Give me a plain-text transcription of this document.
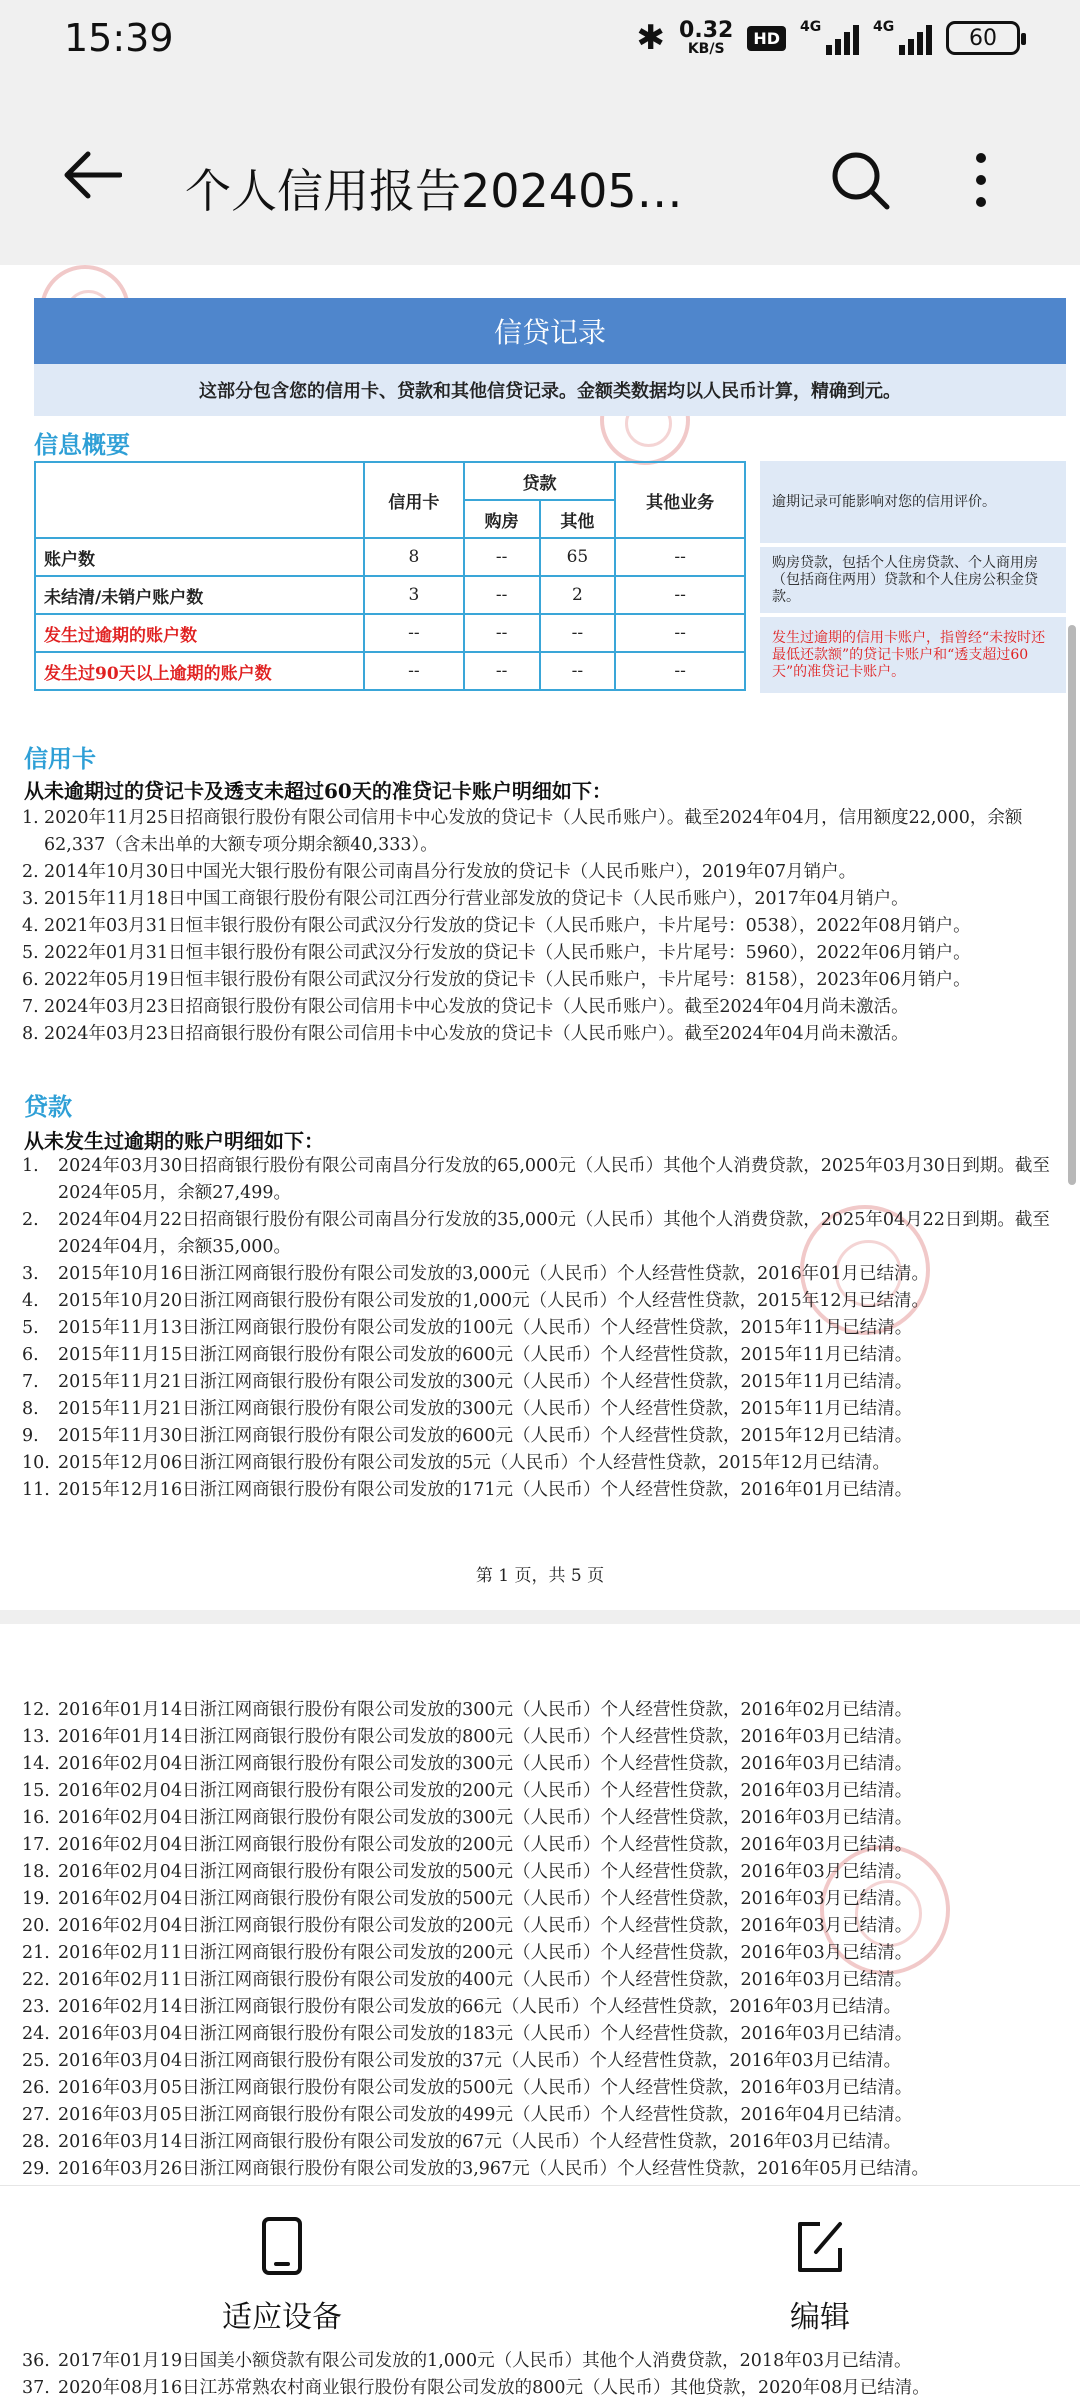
15:39	✱ 0.32
KB/S
HD
4G	4G	60
个人信用报告202405…
信贷记录
这部分包含您的信用卡、贷款和其他信贷记录。金额类数据均以人民币计算，精确到元。
信息概要
	信用卡	贷款		其他业务
		购房	其他	
账户数	8	--	65	--
未结清/未销户账户数	3	--	2	--
发生过逾期的账户数	--	--	--	--
发生过90天以上逾期的账户数	--	--	--	--
逾期记录可能影响对您的信用评价。
购房贷款，包括个人住房贷款、个人商用房（包括商住两用）贷款和个人住房公积金贷款。
发生过逾期的信用卡账户，指曾经“未按时还最低还款额”的贷记卡账户和“透支超过60天”的准贷记卡账户。
信用卡
从未逾期过的贷记卡及透支未超过60天的准贷记卡账户明细如下：
1. 2020年11月25日招商银行股份有限公司信用卡中心发放的贷记卡（人民币账户）。截至2024年04月，信用额度22,000，余额62,337（含未出单的大额专项分期余额40,333）。
2. 2014年10月30日中国光大银行股份有限公司南昌分行发放的贷记卡（人民币账户），2019年07月销户。
3. 2015年11月18日中国工商银行股份有限公司江西分行营业部发放的贷记卡（人民币账户），2017年04月销户。
4. 2021年03月31日恒丰银行股份有限公司武汉分行发放的贷记卡（人民币账户，卡片尾号：0538），2022年08月销户。
5. 2022年01月31日恒丰银行股份有限公司武汉分行发放的贷记卡（人民币账户，卡片尾号：5960），2022年06月销户。
6. 2022年05月19日恒丰银行股份有限公司武汉分行发放的贷记卡（人民币账户，卡片尾号：8158），2023年06月销户。
7. 2024年03月23日招商银行股份有限公司信用卡中心发放的贷记卡（人民币账户）。截至2024年04月尚未激活。
8. 2024年03月23日招商银行股份有限公司信用卡中心发放的贷记卡（人民币账户）。截至2024年04月尚未激活。
贷款
从未发生过逾期的账户明细如下：
1.	2024年03月30日招商银行股份有限公司南昌分行发放的65,000元（人民币）其他个人消费贷款，2025年03月30日到期。截至2024年05月，余额27,499。
2.	2024年04月22日招商银行股份有限公司南昌分行发放的35,000元（人民币）其他个人消费贷款，2025年04月22日到期。截至2024年04月，余额35,000。
3.	2015年10月16日浙江网商银行股份有限公司发放的3,000元（人民币）个人经营性贷款，2016年01月已结清。
4.	2015年10月20日浙江网商银行股份有限公司发放的1,000元（人民币）个人经营性贷款，2015年12月已结清。
5.	2015年11月13日浙江网商银行股份有限公司发放的100元（人民币）个人经营性贷款，2015年11月已结清。
6.	2015年11月15日浙江网商银行股份有限公司发放的600元（人民币）个人经营性贷款，2015年11月已结清。
7.	2015年11月21日浙江网商银行股份有限公司发放的300元（人民币）个人经营性贷款，2015年11月已结清。
8.	2015年11月21日浙江网商银行股份有限公司发放的300元（人民币）个人经营性贷款，2015年11月已结清。
9.	2015年11月30日浙江网商银行股份有限公司发放的600元（人民币）个人经营性贷款，2015年12月已结清。
10. 2015年12月06日浙江网商银行股份有限公司发放的5元（人民币）个人经营性贷款，2015年12月已结清。
11. 2015年12月16日浙江网商银行股份有限公司发放的171元（人民币）个人经营性贷款，2016年01月已结清。
第 1 页，共 5 页
12. 2016年01月14日浙江网商银行股份有限公司发放的300元（人民币）个人经营性贷款，2016年02月已结清。
13. 2016年01月14日浙江网商银行股份有限公司发放的800元（人民币）个人经营性贷款，2016年03月已结清。
14. 2016年02月04日浙江网商银行股份有限公司发放的300元（人民币）个人经营性贷款，2016年03月已结清。
15. 2016年02月04日浙江网商银行股份有限公司发放的200元（人民币）个人经营性贷款，2016年03月已结清。
16. 2016年02月04日浙江网商银行股份有限公司发放的300元（人民币）个人经营性贷款，2016年03月已结清。
17. 2016年02月04日浙江网商银行股份有限公司发放的200元（人民币）个人经营性贷款，2016年03月已结清。
18. 2016年02月04日浙江网商银行股份有限公司发放的500元（人民币）个人经营性贷款，2016年03月已结清。
19. 2016年02月04日浙江网商银行股份有限公司发放的500元（人民币）个人经营性贷款，2016年03月已结清。
20. 2016年02月04日浙江网商银行股份有限公司发放的200元（人民币）个人经营性贷款，2016年03月已结清。
21. 2016年02月11日浙江网商银行股份有限公司发放的200元（人民币）个人经营性贷款，2016年03月已结清。
22. 2016年02月11日浙江网商银行股份有限公司发放的400元（人民币）个人经营性贷款，2016年03月已结清。
23. 2016年02月14日浙江网商银行股份有限公司发放的66元（人民币）个人经营性贷款，2016年03月已结清。
24. 2016年03月04日浙江网商银行股份有限公司发放的183元（人民币）个人经营性贷款，2016年03月已结清。
25. 2016年03月04日浙江网商银行股份有限公司发放的37元（人民币）个人经营性贷款，2016年03月已结清。
26. 2016年03月05日浙江网商银行股份有限公司发放的500元（人民币）个人经营性贷款，2016年03月已结清。
27. 2016年03月05日浙江网商银行股份有限公司发放的499元（人民币）个人经营性贷款，2016年04月已结清。
28. 2016年03月14日浙江网商银行股份有限公司发放的67元（人民币）个人经营性贷款，2016年03月已结清。
29. 2016年03月26日浙江网商银行股份有限公司发放的3,967元（人民币）个人经营性贷款，2016年05月已结清。
适应设备	编辑
36. 2017年01月19日国美小额贷款有限公司发放的1,000元（人民币）其他个人消费贷款，2018年03月已结清。
37. 2020年08月16日江苏常熟农村商业银行股份有限公司发放的800元（人民币）其他贷款，2020年08月已结清。
